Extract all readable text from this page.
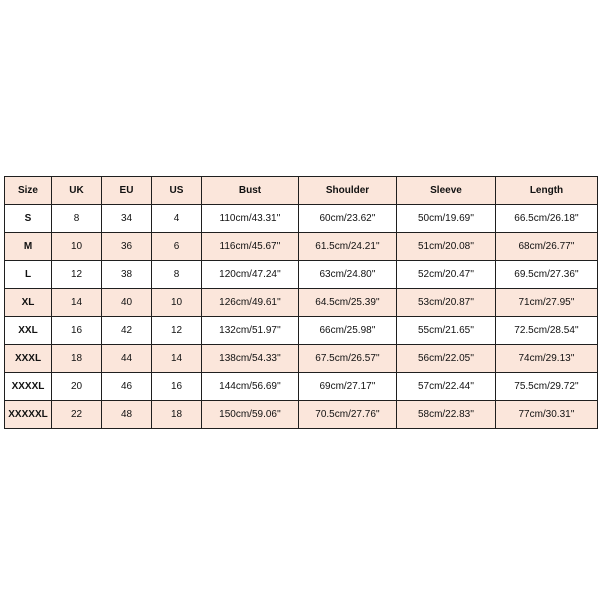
Size	UK	EU	US	Bust	Shoulder	Sleeve	Length
S	8	34	4	110cm/43.31''	60cm/23.62''	50cm/19.69''	66.5cm/26.18''
M	10	36	6	116cm/45.67''	61.5cm/24.21''	51cm/20.08''	68cm/26.77''
L	12	38	8	120cm/47.24''	63cm/24.80''	52cm/20.47''	69.5cm/27.36''
XL	14	40	10	126cm/49.61''	64.5cm/25.39''	53cm/20.87''	71cm/27.95''
XXL	16	42	12	132cm/51.97''	66cm/25.98''	55cm/21.65''	72.5cm/28.54''
XXXL	18	44	14	138cm/54.33''	67.5cm/26.57''	56cm/22.05''	74cm/29.13''
XXXXL	20	46	16	144cm/56.69''	69cm/27.17''	57cm/22.44''	75.5cm/29.72''
XXXXXL	22	48	18	150cm/59.06''	70.5cm/27.76''	58cm/22.83''	77cm/30.31''
